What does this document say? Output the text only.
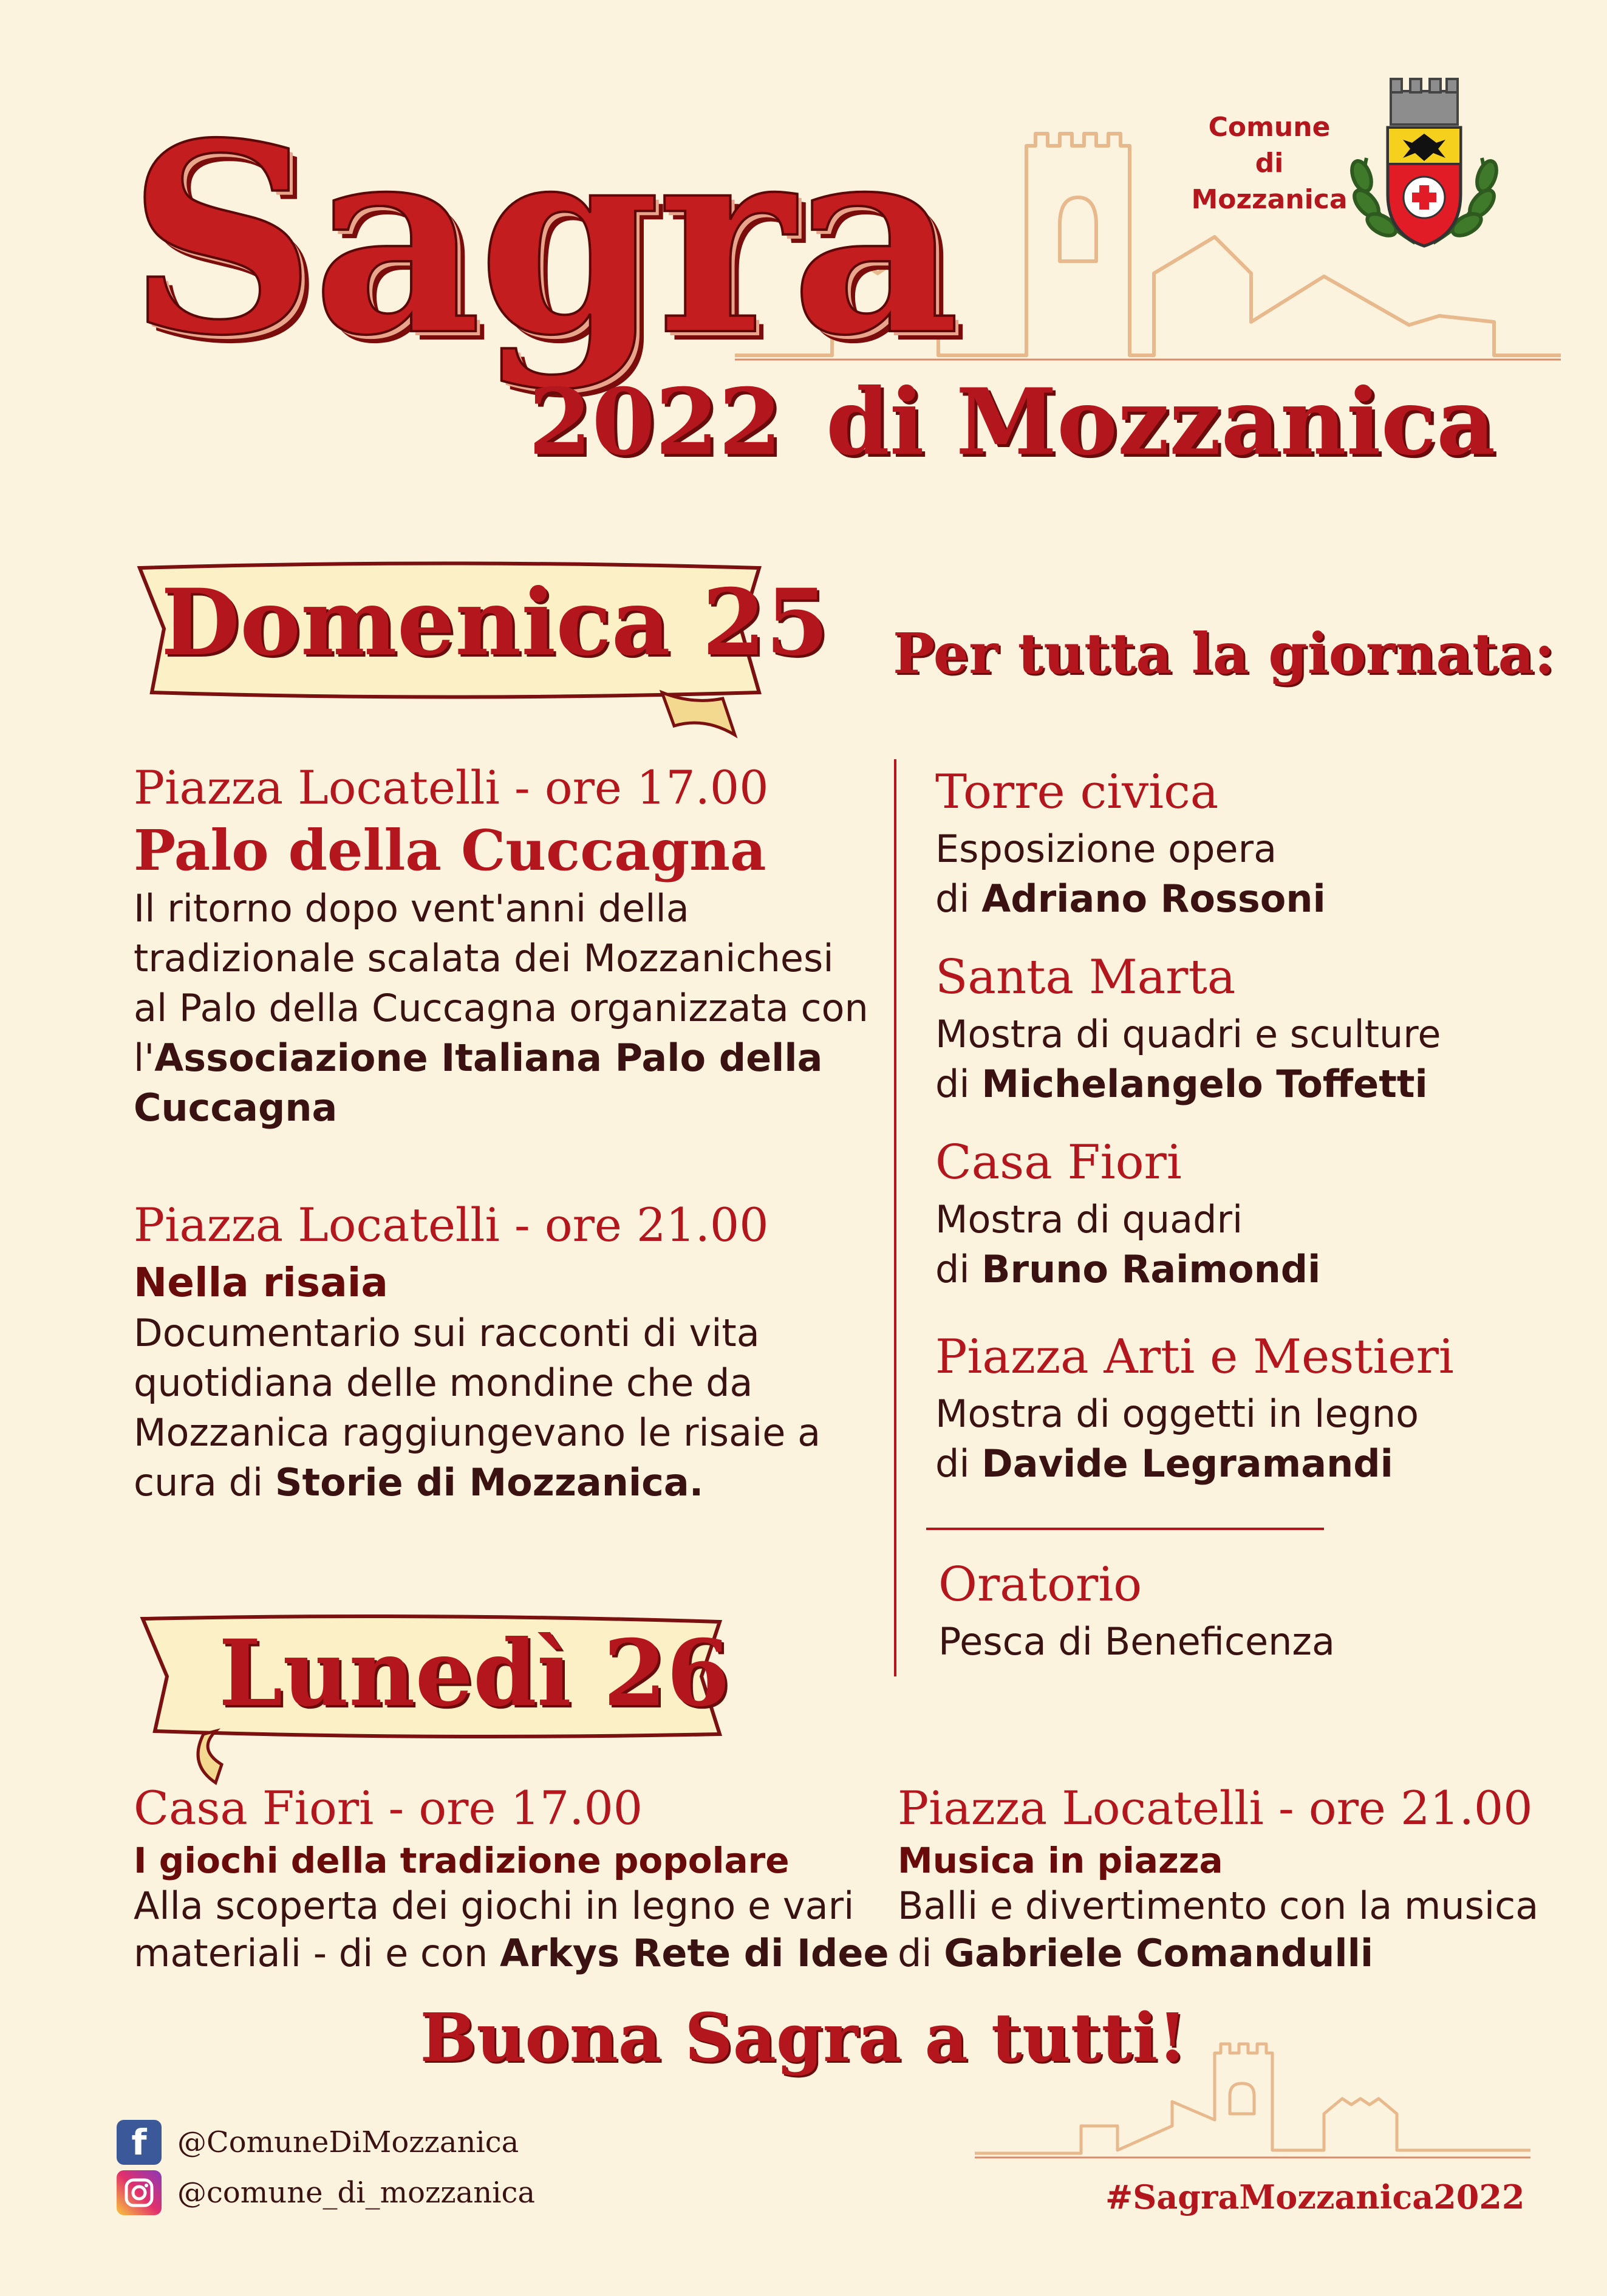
Sagra
2022 di Mozzanica
Comune
di Mozzanica
Domenica 25 Per tutta la giornata:
Piazza Locatelli - ore 17.00
Palo della Cuccagna
Il ritorno dopo vent'anni della tradizionale scalata dei Mozzanichesi al Palo della Cuccagna organizzata con l'Associazione Italiana Palo della Cuccagna
Piazza Locatelli - ore 21.00
Nella risaia
Documentario sui racconti di vita quotidiana delle mondine che da Mozzanica raggiungevano le risaie a cura di Storie di Mozzanica.
Torre civica
Esposizione opera
di Adriano Rossoni
Santa Marta
Mostra di quadri e sculture
di Michelangelo Toffetti
Casa Fiori
Mostra di quadri
di Bruno Raimondi
Piazza Arti e Mestieri
Mostra di oggetti in legno
di Davide Legramandi
Oratorio
Pesca di Beneficenza
Lunedì 26
Casa Fiori - ore 17.00
I giochi della tradizione popolare
Alla scoperta dei giochi in legno e vari
materiali - di e con Arkys Rete di Idee
Piazza Locatelli - ore 21.00
Musica in piazza
Balli e divertimento con la musica
di Gabriele Comandulli
Buona Sagra a tutti!
#SagraMozzanica2022
f	@ComuneDiMozzanica
@comune_di_mozzanica
